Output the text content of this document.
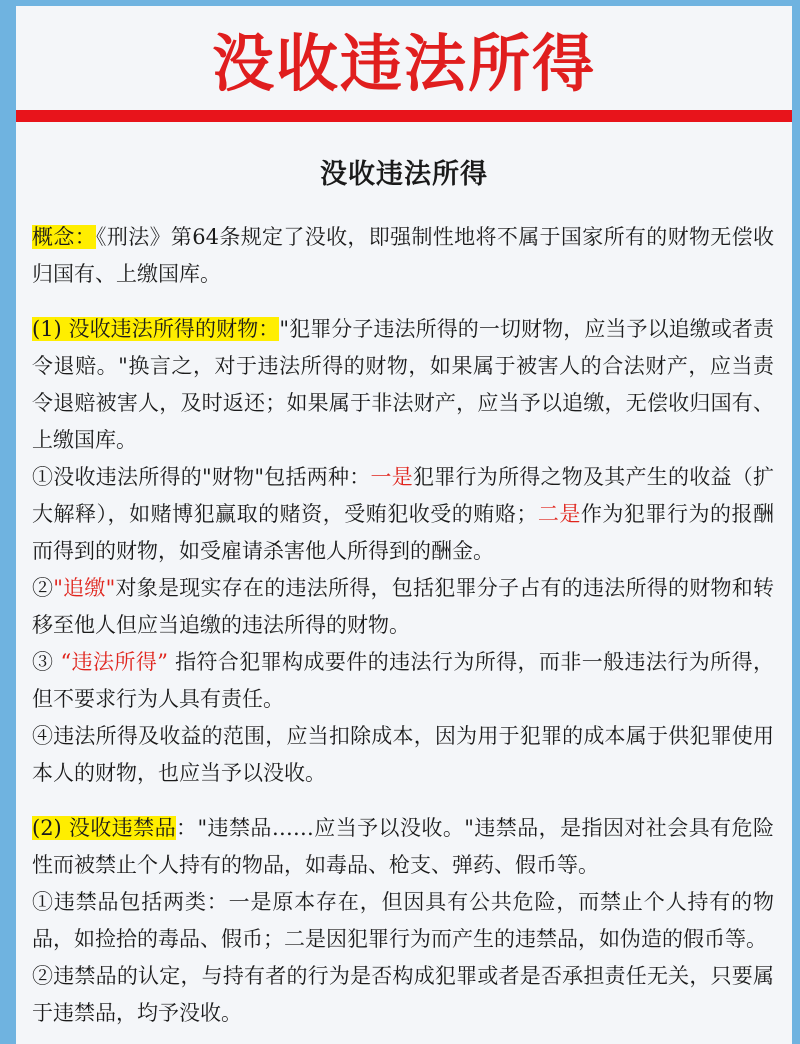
没收违法所得
没收违法所得

概念：《刑法》第64条规定了没收，即强制性地将不属于国家所有的财物无偿收归国有、上缴国库。

(1) 没收违法所得的财物："犯罪分子违法所得的一切财物，应当予以追缴或者责令退赔。"换言之，对于违法所得的财物，如果属于被害人的合法财产，应当责令退赔被害人，及时返还；如果属于非法财产，应当予以追缴，无偿收归国有、上缴国库。

①没收违法所得的"财物"包括两种：一是犯罪行为所得之物及其产生的收益（扩大解释），如赌博犯赢取的赌资，受贿犯收受的贿赂；二是作为犯罪行为的报酬而得到的财物，如受雇请杀害他人所得到的酬金。

②"追缴"对象是现实存在的违法所得，包括犯罪分子占有的违法所得的财物和转移至他人但应当追缴的违法所得的财物。

③ “违法所得” 指符合犯罪构成要件的违法行为所得，而非一般违法行为所得，但不要求行为人具有责任。

④违法所得及收益的范围，应当扣除成本，因为用于犯罪的成本属于供犯罪使用本人的财物，也应当予以没收。

(2) 没收违禁品："违禁品……应当予以没收。"违禁品，是指因对社会具有危险性而被禁止个人持有的物品，如毒品、枪支、弹药、假币等。

①违禁品包括两类：一是原本存在，但因具有公共危险，而禁止个人持有的物品，如捡拾的毒品、假币；二是因犯罪行为而产生的违禁品，如伪造的假币等。

②违禁品的认定，与持有者的行为是否构成犯罪或者是否承担责任无关，只要属于违禁品，均予没收。
